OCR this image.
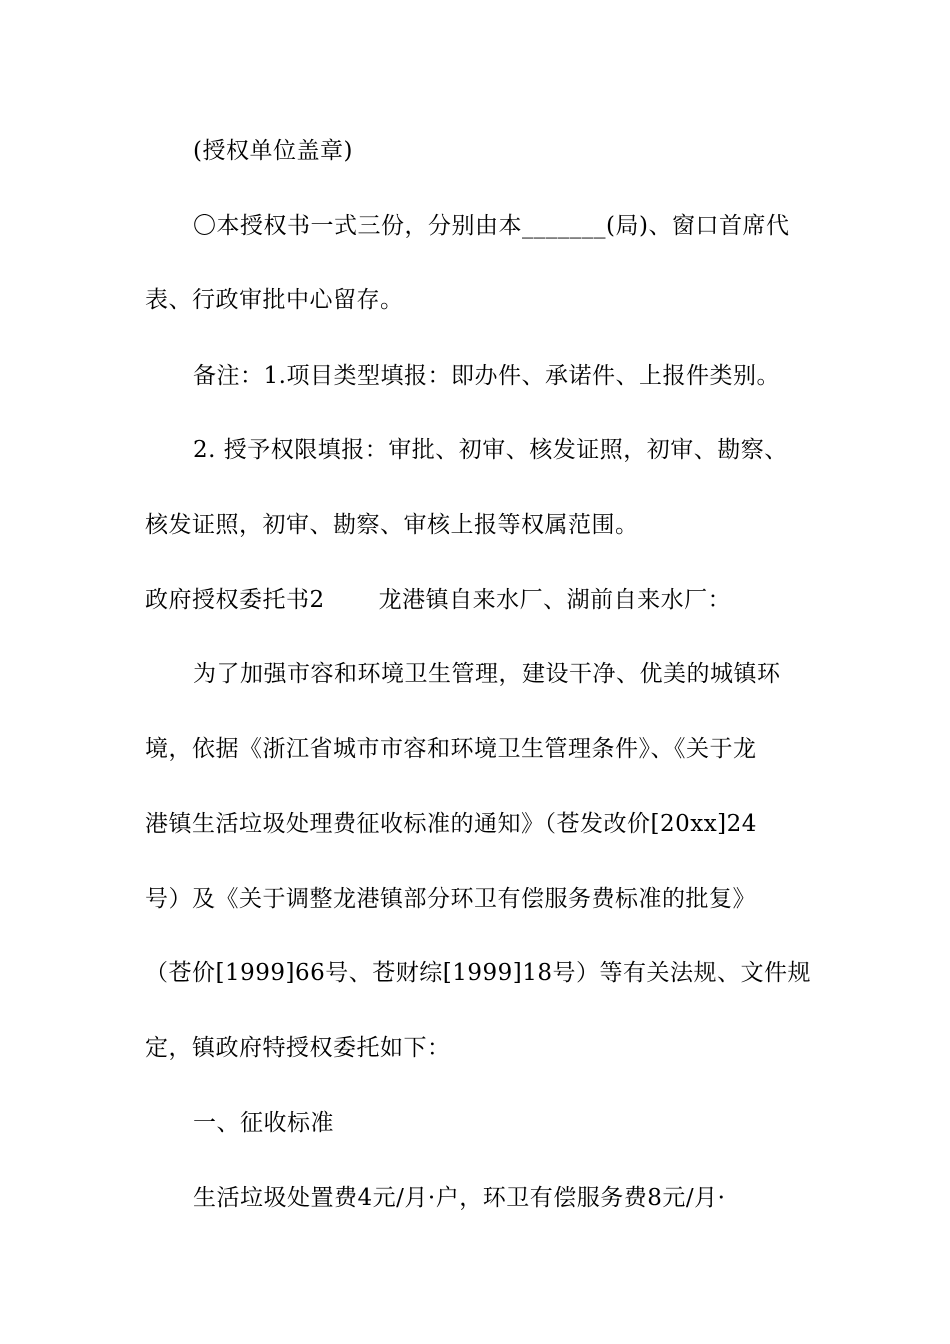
(授权单位盖章)
〇本授权书一式三份，分别由本_______(局)、窗口首席代
表、行政审批中心留存。
备注：1.项目类型填报：即办件、承诺件、上报件类别。
2. 授予权限填报：审批、初审、核发证照，初审、勘察、
核发证照，初审、勘察、审核上报等权属范围。
政府授权委托书2 龙港镇自来水厂、湖前自来水厂：
为了加强市容和环境卫生管理，建设干净、优美的城镇环
境，依据《浙江省城市市容和环境卫生管理条件》、《关于龙
港镇生活垃圾处理费征收标准的通知》（苍发改价[20xx]24
号）及《关于调整龙港镇部分环卫有偿服务费标准的批复》
（苍价[1999]66号、苍财综[1999]18号）等有关法规、文件规
定，镇政府特授权委托如下：
一、征收标准
生活垃圾处置费4元/月·户，环卫有偿服务费8元/月·
